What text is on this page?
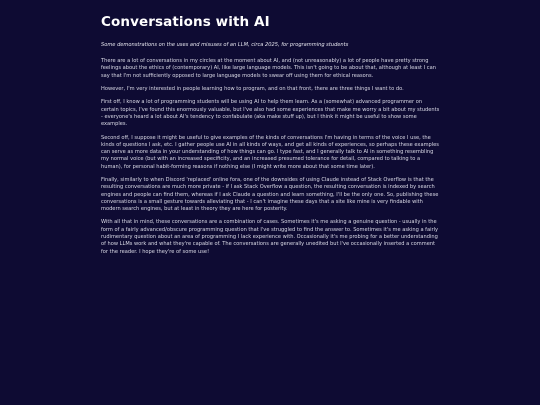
Conversations with AI

Some demonstrations on the uses and misuses of an LLM, circa 2025, for programming students

There are a lot of conversations in my circles at the moment about AI, and (not unreasonably) a lot of people have pretty strong feelings about the ethics of (contemporary) AI, like large language models. This isn't going to be about that, although at least I can say that I'm not sufficiently opposed to large language models to swear off using them for ethical reasons.

However, I'm very interested in people learning how to program, and on that front, there are three things I want to do.

First off, I know a lot of programming students will be using AI to help them learn. As a (somewhat) advanced programmer on certain topics, I've found this enormously valuable, but I've also had some experiences that make me worry a bit about my students - everyone's heard a lot about AI's tendency to confabulate (aka make stuff up), but I think it might be useful to show some examples.

Second off, I suppose it might be useful to give examples of the kinds of conversations I'm having in terms of the voice I use, the kinds of questions I ask, etc. I gather people use AI in all kinds of ways, and get all kinds of experiences, so perhaps these examples can serve as more data in your understanding of how things can go. I type fast, and I generally talk to AI in something resembling my normal voice (but with an increased specificity, and an increased presumed tolerance for detail, compared to talking to a human), for personal habit-forming reasons if nothing else (I might write more about that some time later).

Finally, similarly to when Discord 'replaced' online fora, one of the downsides of using Claude instead of Stack Overflow is that the resulting conversations are much more private - if I ask Stack Overflow a question, the resulting conversation is indexed by search engines and people can find them, whereas if I ask Claude a question and learn something, I'll be the only one. So, publishing these conversations is a small gesture towards alleviating that - I can't imagine these days that a site like mine is very findable with modern search engines, but at least in theory they are here for posterity.

With all that in mind, these conversations are a combination of cases. Sometimes it's me asking a genuine question - usually in the form of a fairly advanced/obscure programming question that I've struggled to find the answer to. Sometimes it's me asking a fairly rudimentary question about an area of programming I lack experience with. Occasionally it's me probing for a better understanding of how LLMs work and what they're capable of. The conversations are generally unedited but I've occasionally inserted a comment for the reader. I hope they're of some use!
